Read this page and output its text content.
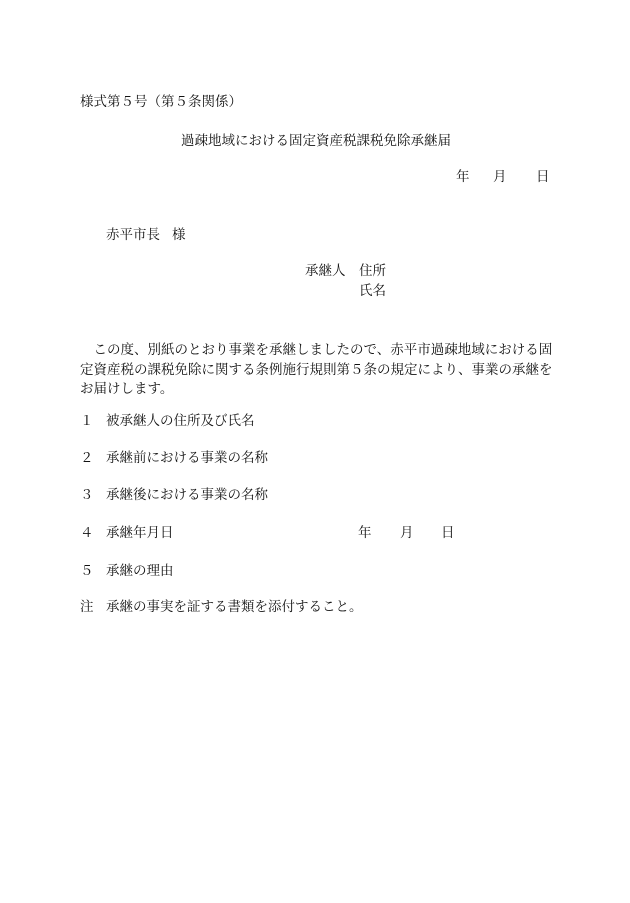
様式第５号（第５条関係）
過疎地域における固定資産税課税免除承継届
年 月 日
赤平市長 様
承継人 住所
氏名
　この度、別紙のとおり事業を承継しましたので、赤平市過疎地域における固
定資産税の課税免除に関する条例施行規則第５条の規定により、事業の承継を
お届けします。
１ 被承継人の住所及び氏名
２ 承継前における事業の名称
３ 承継後における事業の名称
４ 承継年月日	年 月 日
５ 承継の理由
注 承継の事実を証する書類を添付すること。
